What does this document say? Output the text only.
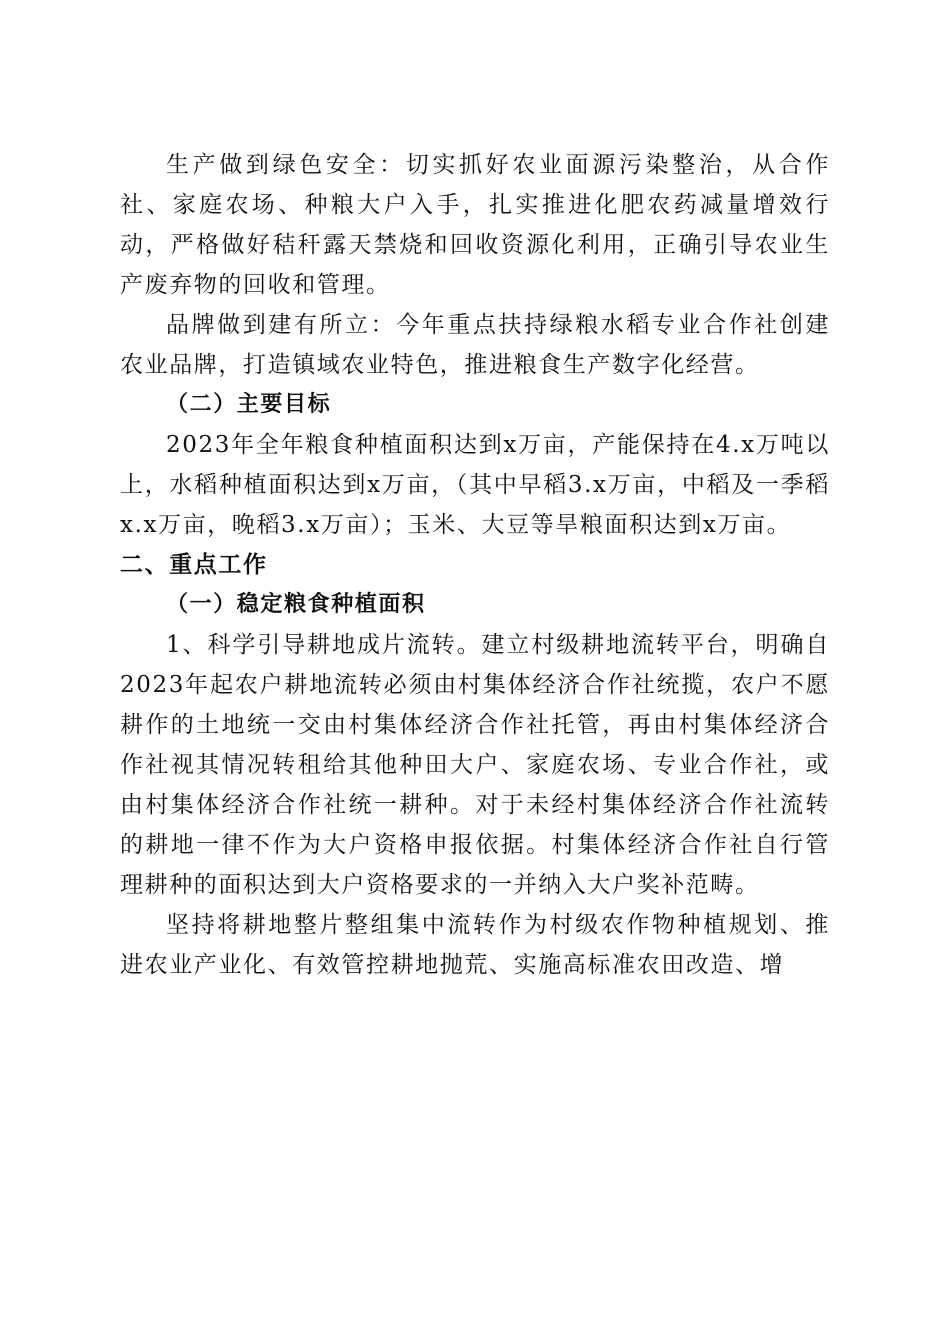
生产做到绿色安全：切实抓好农业面源污染整治，从合作社、家庭农场、种粮大户入手，扎实推进化肥农药减量增效行动，严格做好秸秆露天禁烧和回收资源化利用，正确引导农业生产废弃物的回收和管理。

品牌做到建有所立：今年重点扶持绿粮水稻专业合作社创建农业品牌，打造镇域农业特色，推进粮食生产数字化经营。

（二）主要目标

2023年全年粮食种植面积达到x万亩，产能保持在4.x万吨以上，水稻种植面积达到x万亩，（其中早稻3.x万亩，中稻及一季稻x.x万亩，晚稻3.x万亩）；玉米、大豆等旱粮面积达到x万亩。

二、重点工作

（一）稳定粮食种植面积

1、科学引导耕地成片流转。建立村级耕地流转平台，明确自2023年起农户耕地流转必须由村集体经济合作社统揽，农户不愿耕作的土地统一交由村集体经济合作社托管，再由村集体经济合作社视其情况转租给其他种田大户、家庭农场、专业合作社，或由村集体经济合作社统一耕种。对于未经村集体经济合作社流转的耕地一律不作为大户资格申报依据。村集体经济合作社自行管理耕种的面积达到大户资格要求的一并纳入大户奖补范畴。

坚持将耕地整片整组集中流转作为村级农作物种植规划、推进农业产业化、有效管控耕地抛荒、实施高标准农田改造、增
